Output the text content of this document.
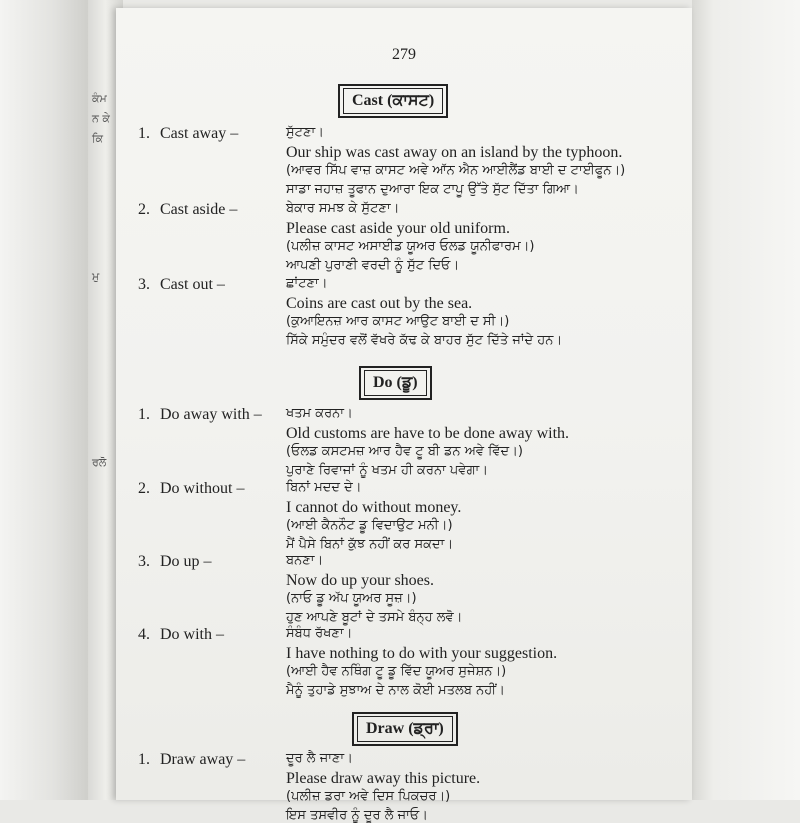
ਕੰਮ
ਨ ਕੇ
ਕਿ
ਮੁ
ਰਲੋ
279
Cast (ਕਾਸਟ)
1. Cast away –	ਸੁੱਟਣਾ।
Our ship was cast away on an island by the typhoon.
(ਆਵਰ ਸਿੱਪ ਵਾਜ਼ ਕਾਸਟ ਅਵੇ ਆੱਨ ਐਨ ਆਈਲੈਂਡ ਬਾਈ ਦ ਟਾਈਫੂਨ।)
ਸਾਡਾ ਜਹਾਜ਼ ਤੂਫਾਨ ਦੁਆਰਾ ਇਕ ਟਾਪੂ ਉੱਤੇ ਸੁੱਟ ਦਿੱਤਾ ਗਿਆ।
2. Cast aside –	ਬੇਕਾਰ ਸਮਝ ਕੇ ਸੁੱਟਣਾ।
Please cast aside your old uniform.
(ਪਲੀਜ਼ ਕਾਸਟ ਅਸਾਈਡ ਯੂਅਰ ਓਲਡ ਯੂਨੀਫਾਰਮ।)
ਆਪਣੀ ਪੁਰਾਣੀ ਵਰਦੀ ਨੂੰ ਸੁੱਟ ਦਿਓ।
3. Cast out –	ਛਾਂਟਣਾ।
Coins are cast out by the sea.
(ਕੁਆਇਨਜ਼ ਆਰ ਕਾਸਟ ਆਉਟ ਬਾਈ ਦ ਸੀ।)
ਸਿੱਕੇ ਸਮੁੰਦਰ ਵਲੋਂ ਵੱਖਰੇ ਕੱਢ ਕੇ ਬਾਹਰ ਸੁੱਟ ਦਿੱਤੇ ਜਾਂਦੇ ਹਨ।
Do (ਡੂ)
1. Do away with – ਖਤਮ ਕਰਨਾ।
Old customs are have to be done away with.
(ਓਲਡ ਕਸਟਮਜ਼ ਆਰ ਹੈਵ ਟੂ ਬੀ ਡਨ ਅਵੇ ਵਿੱਦ।)
ਪੁਰਾਣੇ ਰਿਵਾਜਾਂ ਨੂੰ ਖਤਮ ਹੀ ਕਰਨਾ ਪਵੇਗਾ।
2. Do without –	ਬਿਨਾਂ ਮਦਦ ਦੇ।
I cannot do without money.
(ਆਈ ਕੈਨਨੌਟ ਡੂ ਵਿਦਾਉਟ ਮਨੀ।)
ਮੈਂ ਪੈਸੇ ਬਿਨਾਂ ਕੁੱਝ ਨਹੀਂ ਕਰ ਸਕਦਾ।
3. Do up –	ਬਨਣਾ।
Now do up your shoes.
(ਨਾਓ ਡੂ ਅੱਪ ਯੂਅਰ ਸੂਜ਼।)
ਹੁਣ ਆਪਣੇ ਬੂਟਾਂ ਦੇ ਤਸਮੇ ਬੰਨ੍ਹ ਲਵੋ।
4. Do with –	ਸੰਬੰਧ ਰੱਖਣਾ।
I have nothing to do with your suggestion.
(ਆਈ ਹੈਵ ਨਥਿੰਗ ਟੂ ਡੂ ਵਿੱਦ ਯੂਅਰ ਸੁਜੇਸ਼ਨ।)
ਮੈਨੂੰ ਤੁਹਾਡੇ ਸੁਝਾਅ ਦੇ ਨਾਲ ਕੋਈ ਮਤਲਬ ਨਹੀਂ।
Draw (ਡ੍ਰਾ)
1. Draw away –	ਦੂਰ ਲੈ ਜਾਣਾ।
Please draw away this picture.
(ਪਲੀਜ਼ ਡਰਾ ਅਵੇ ਦਿਸ ਪਿਕਚਰ।)
ਇਸ ਤਸਵੀਰ ਨੂੰ ਦੂਰ ਲੈ ਜਾਓ।
